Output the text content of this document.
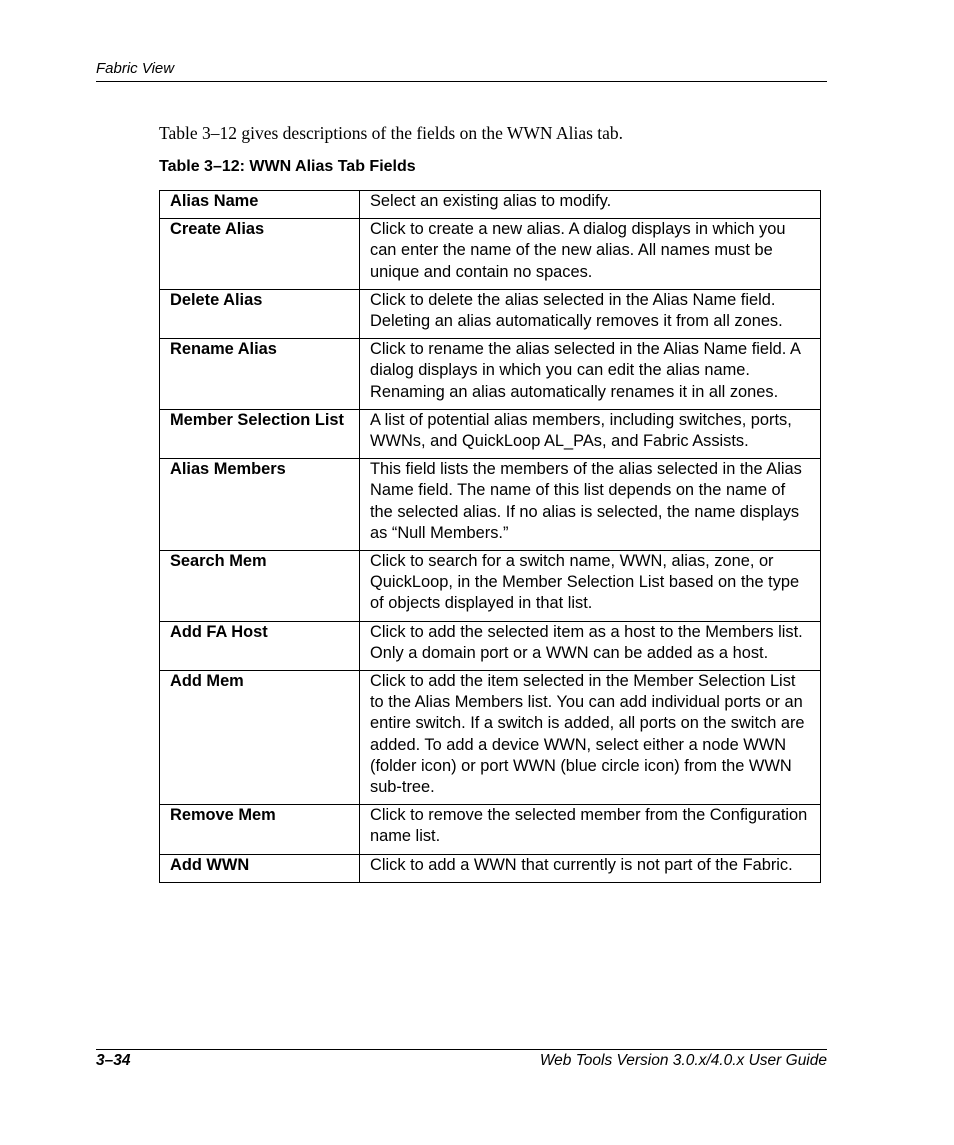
Fabric View
Table 3–12 gives descriptions of the fields on the WWN Alias tab.
Table 3–12: WWN Alias Tab Fields
Alias Name	Select an existing alias to modify.
Create Alias	Click to create a new alias. A dialog displays in which you can enter the name of the new alias. All names must be unique and contain no spaces.
Delete Alias	Click to delete the alias selected in the Alias Name field. Deleting an alias automatically removes it from all zones.
Rename Alias	Click to rename the alias selected in the Alias Name field. A dialog displays in which you can edit the alias name. Renaming an alias automatically renames it in all zones.
Member Selection List	A list of potential alias members, including switches, ports, WWNs, and QuickLoop AL_PAs, and Fabric Assists.
Alias Members	This field lists the members of the alias selected in the Alias Name field. The name of this list depends on the name of the selected alias. If no alias is selected, the name displays as “Null Members.”
Search Mem	Click to search for a switch name, WWN, alias, zone, or QuickLoop, in the Member Selection List based on the type of objects displayed in that list.
Add FA Host	Click to add the selected item as a host to the Members list. Only a domain port or a WWN can be added as a host.
Add Mem	Click to add the item selected in the Member Selection List to the Alias Members list. You can add individual ports or an entire switch. If a switch is added, all ports on the switch are added. To add a device WWN, select either a node WWN (folder icon) or port WWN (blue circle icon) from the WWN sub-tree.
Remove Mem	Click to remove the selected member from the Configuration name list.
Add WWN	Click to add a WWN that currently is not part of the Fabric.
3–34	Web Tools Version 3.0.x/4.0.x User Guide
